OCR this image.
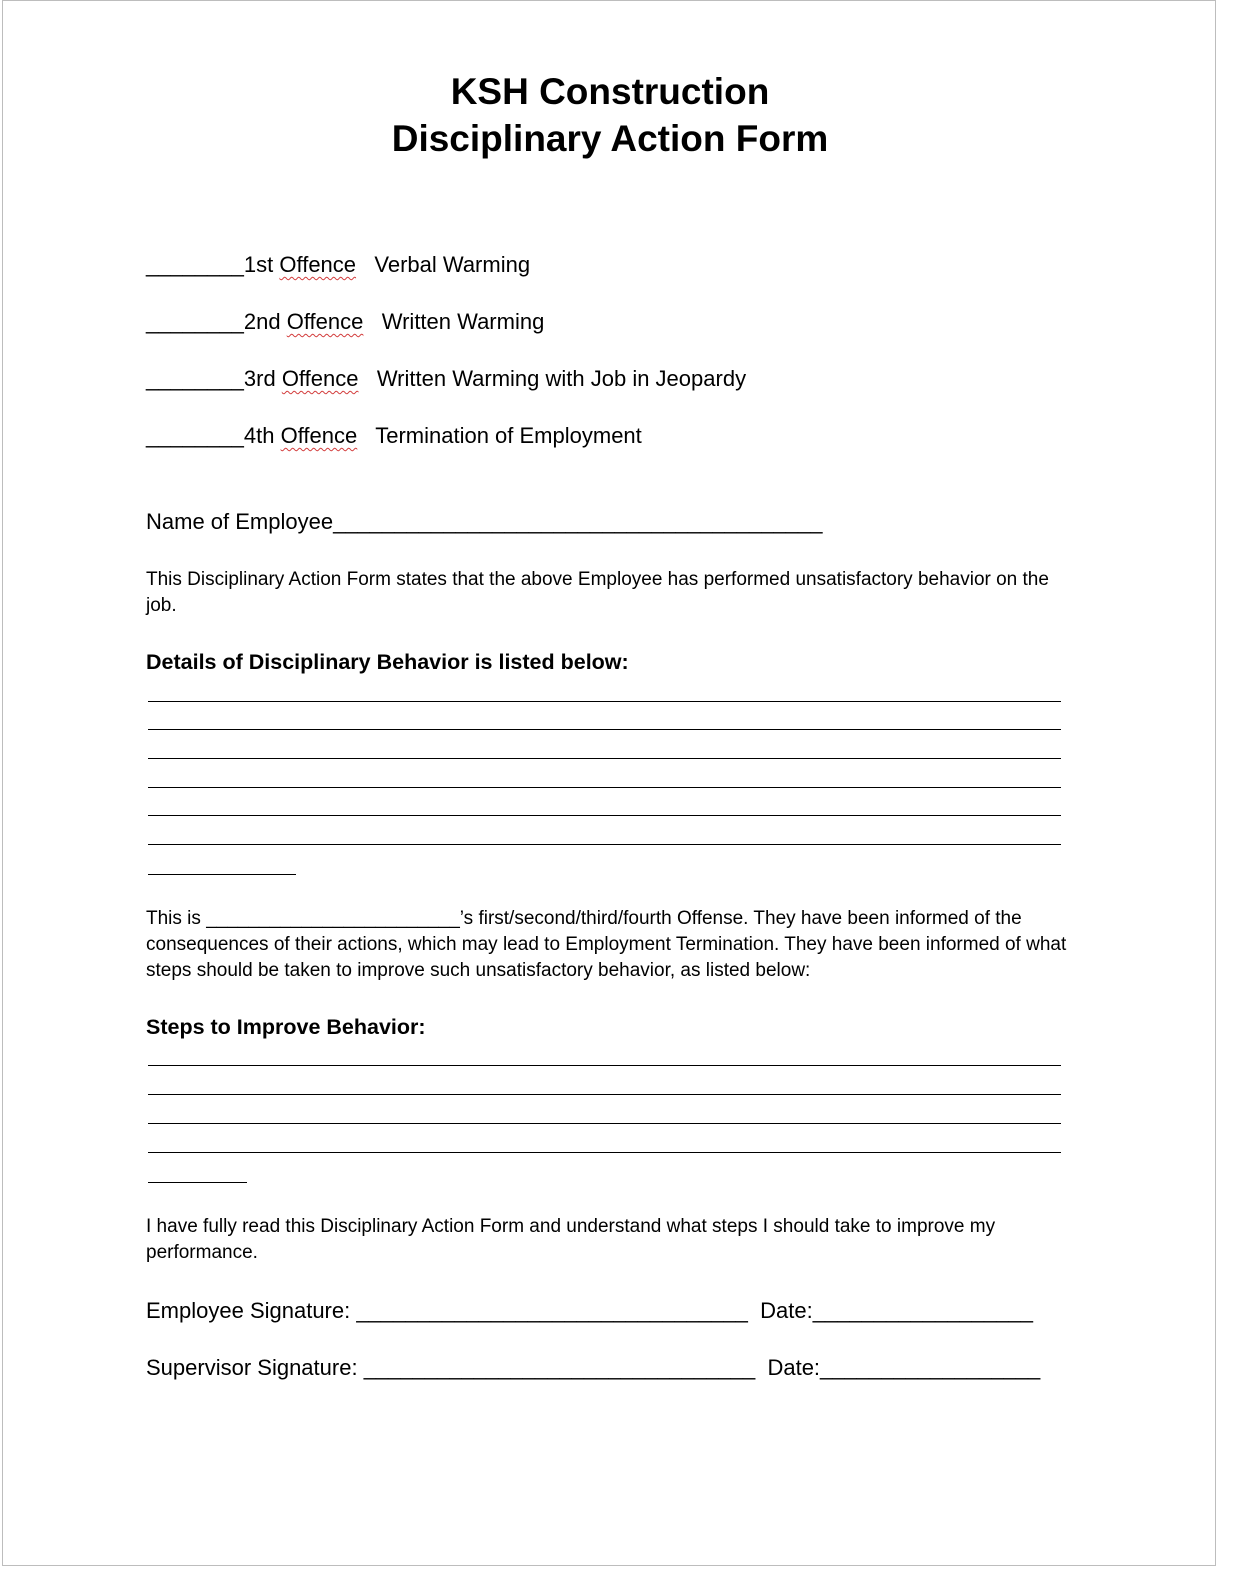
KSH Construction
Disciplinary Action Form
________1st Offence Verbal Warming
________2nd Offence Written Warming
________3rd Offence Written Warming with Job in Jeopardy
________4th Offence Termination of Employment
Name of Employee________________________________________
This Disciplinary Action Form states that the above Employee has performed unsatisfactory behavior on the job.
Details of Disciplinary Behavior is listed below:
This is ________________________’s first/second/third/fourth Offense. They have been informed of the consequences of their actions, which may lead to Employment Termination. They have been informed of what steps should be taken to improve such unsatisfactory behavior, as listed below:
Steps to Improve Behavior:
I have fully read this Disciplinary Action Form and understand what steps I should take to improve my performance.
Employee Signature: ________________________________ Date:__________________
Supervisor Signature: ________________________________ Date:__________________
